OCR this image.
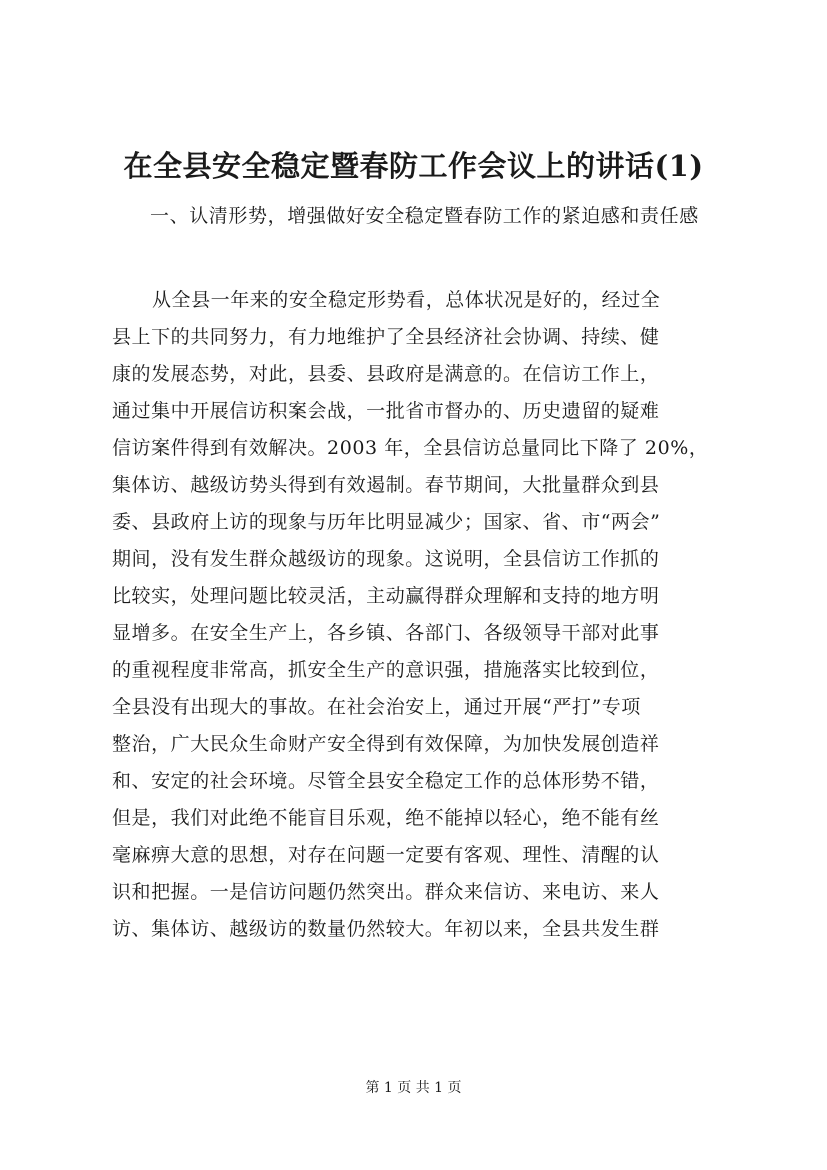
在全县安全稳定暨春防工作会议上的讲话(1)
一、认清形势，增强做好安全稳定暨春防工作的紧迫感和责任感
从全县一年来的安全稳定形势看，总体状况是好的，经过全
县上下的共同努力，有力地维护了全县经济社会协调、持续、健
康的发展态势，对此，县委、县政府是满意的。在信访工作上，
通过集中开展信访积案会战，一批省市督办的、历史遗留的疑难
信访案件得到有效解决。2003 年，全县信访总量同比下降了 20%，
集体访、越级访势头得到有效遏制。春节期间，大批量群众到县
委、县政府上访的现象与历年比明显减少；国家、省、市“两会”
期间，没有发生群众越级访的现象。这说明，全县信访工作抓的
比较实，处理问题比较灵活，主动赢得群众理解和支持的地方明
显增多。在安全生产上，各乡镇、各部门、各级领导干部对此事
的重视程度非常高，抓安全生产的意识强，措施落实比较到位，
全县没有出现大的事故。在社会治安上，通过开展“严打”专项
整治，广大民众生命财产安全得到有效保障，为加快发展创造祥
和、安定的社会环境。尽管全县安全稳定工作的总体形势不错，
但是，我们对此绝不能盲目乐观，绝不能掉以轻心，绝不能有丝
毫麻痹大意的思想，对存在问题一定要有客观、理性、清醒的认
识和把握。一是信访问题仍然突出。群众来信访、来电访、来人
访、集体访、越级访的数量仍然较大。年初以来，全县共发生群
第 1 页 共 1 页
